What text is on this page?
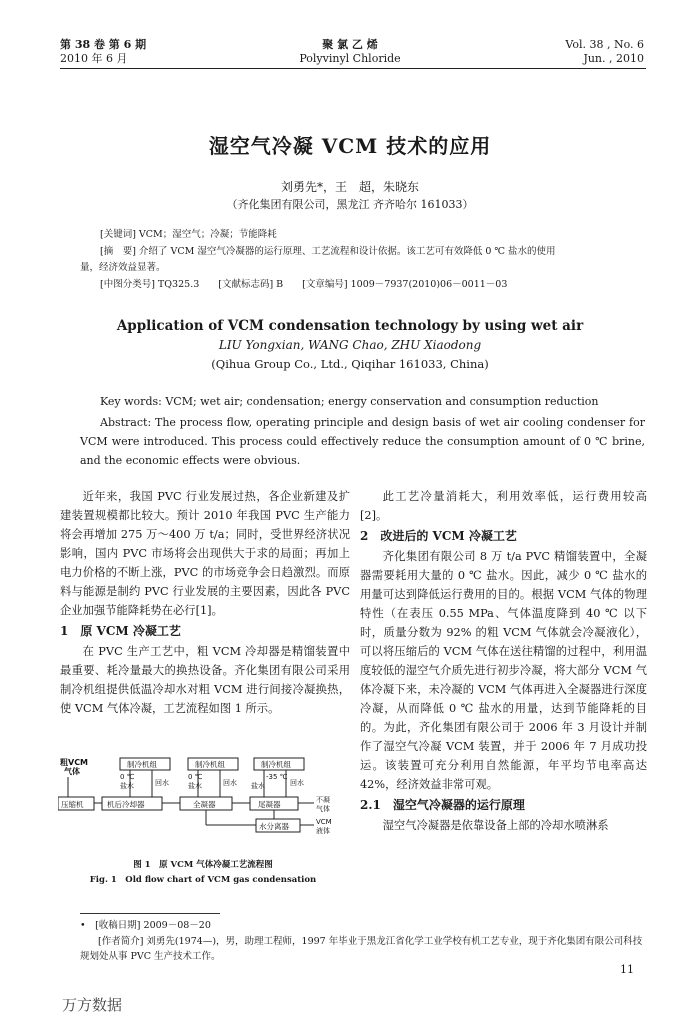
第 38 卷 第 6 期
2010 年 6 月
聚 氯 乙 烯
Polyvinyl Chloride
Vol. 38 , No. 6
Jun. , 2010
湿空气冷凝 VCM 技术的应用
刘勇先*，王　超，朱晓东
（齐化集团有限公司，黑龙江 齐齐哈尔 161033）
[关键词] VCM；湿空气；冷凝；节能降耗
[摘　要] 介绍了 VCM 湿空气冷凝器的运行原理、工艺流程和设计依据。该工艺可有效降低 0 ℃ 盐水的使用
量，经济效益显著。
[中图分类号] TQ325.3　　[文献标志码] B　　[文章编号] 1009－7937(2010)06－0011－03
Application of VCM condensation technology by using wet air
LIU Yongxian, WANG Chao, ZHU Xiaodong
(Qihua Group Co., Ltd., Qiqihar 161033, China)
Key words: VCM; wet air; condensation; energy conservation and consumption reduction
Abstract: The process flow, operating principle and design basis of wet air cooling condenser for VCM were introduced. This process could effectively reduce the consumption amount of 0 ℃ brine, and the economic effects were obvious.

近年来，我国 PVC 行业发展过热，各企业新建及扩建装置规模都比较大。预计 2010 年我国 PVC 生产能力将会再增加 275 万～400 万 t/a；同时，受世界经济状况影响，国内 PVC 市场将会出现供大于求的局面；再加上电力价格的不断上涨，PVC 的市场竞争会日趋激烈。而原料与能源是制约 PVC 行业发展的主要因素，因此各 PVC 企业加强节能降耗势在必行[1]。

1　原 VCM 冷凝工艺

在 PVC 生产工艺中，粗 VCM 冷却器是精馏装置中最重要、耗冷量最大的换热设备。齐化集团有限公司采用制冷机组提供低温冷却水对粗 VCM 进行间接冷凝换热，使 VCM 气体冷凝，工艺流程如图 1 所示。

粗VCM
气体
制冷机组	制冷机组	制冷机组
0 ℃
盐水	回水
0 ℃
盐水	回水
-35 ℃
盐水	回水
压缩机	机后冷却器	全凝器	尾凝器	不凝
气体
水分离器	VCM
液体
图 1　原 VCM 气体冷凝工艺流程图
Fig. 1　Old flow chart of VCM gas condensation

此工艺冷量消耗大，利用效率低，运行费用较高[2]。

2　改进后的 VCM 冷凝工艺

齐化集团有限公司 8 万 t/a PVC 精馏装置中，全凝器需要耗用大量的 0 ℃ 盐水。因此，减少 0 ℃ 盐水的用量可达到降低运行费用的目的。根据 VCM 气体的物理特性（在表压 0.55 MPa、气体温度降到 40 ℃ 以下时，质量分数为 92% 的粗 VCM 气体就会冷凝液化），可以将压缩后的 VCM 气体在送往精馏的过程中，利用温度较低的湿空气介质先进行初步冷凝，将大部分 VCM 气体冷凝下来，未冷凝的 VCM 气体再进入全凝器进行深度冷凝，从而降低 0 ℃ 盐水的用量，达到节能降耗的目的。为此，齐化集团有限公司于 2006 年 3 月设计并制作了湿空气冷凝 VCM 装置，并于 2006 年 7 月成功投运。该装置可充分利用自然能源，年平均节电率高达 42%，经济效益非常可观。

2.1　湿空气冷凝器的运行原理

湿空气冷凝器是依靠设备上部的冷却水喷淋系

•　[收稿日期] 2009－08－20
[作者简介] 刘勇先(1974—)，男，助理工程师，1997 年毕业于黑龙江省化学工业学校有机工艺专业，现于齐化集团有限公司科技规划处从事 PVC 生产技术工作。
11
万方数据
